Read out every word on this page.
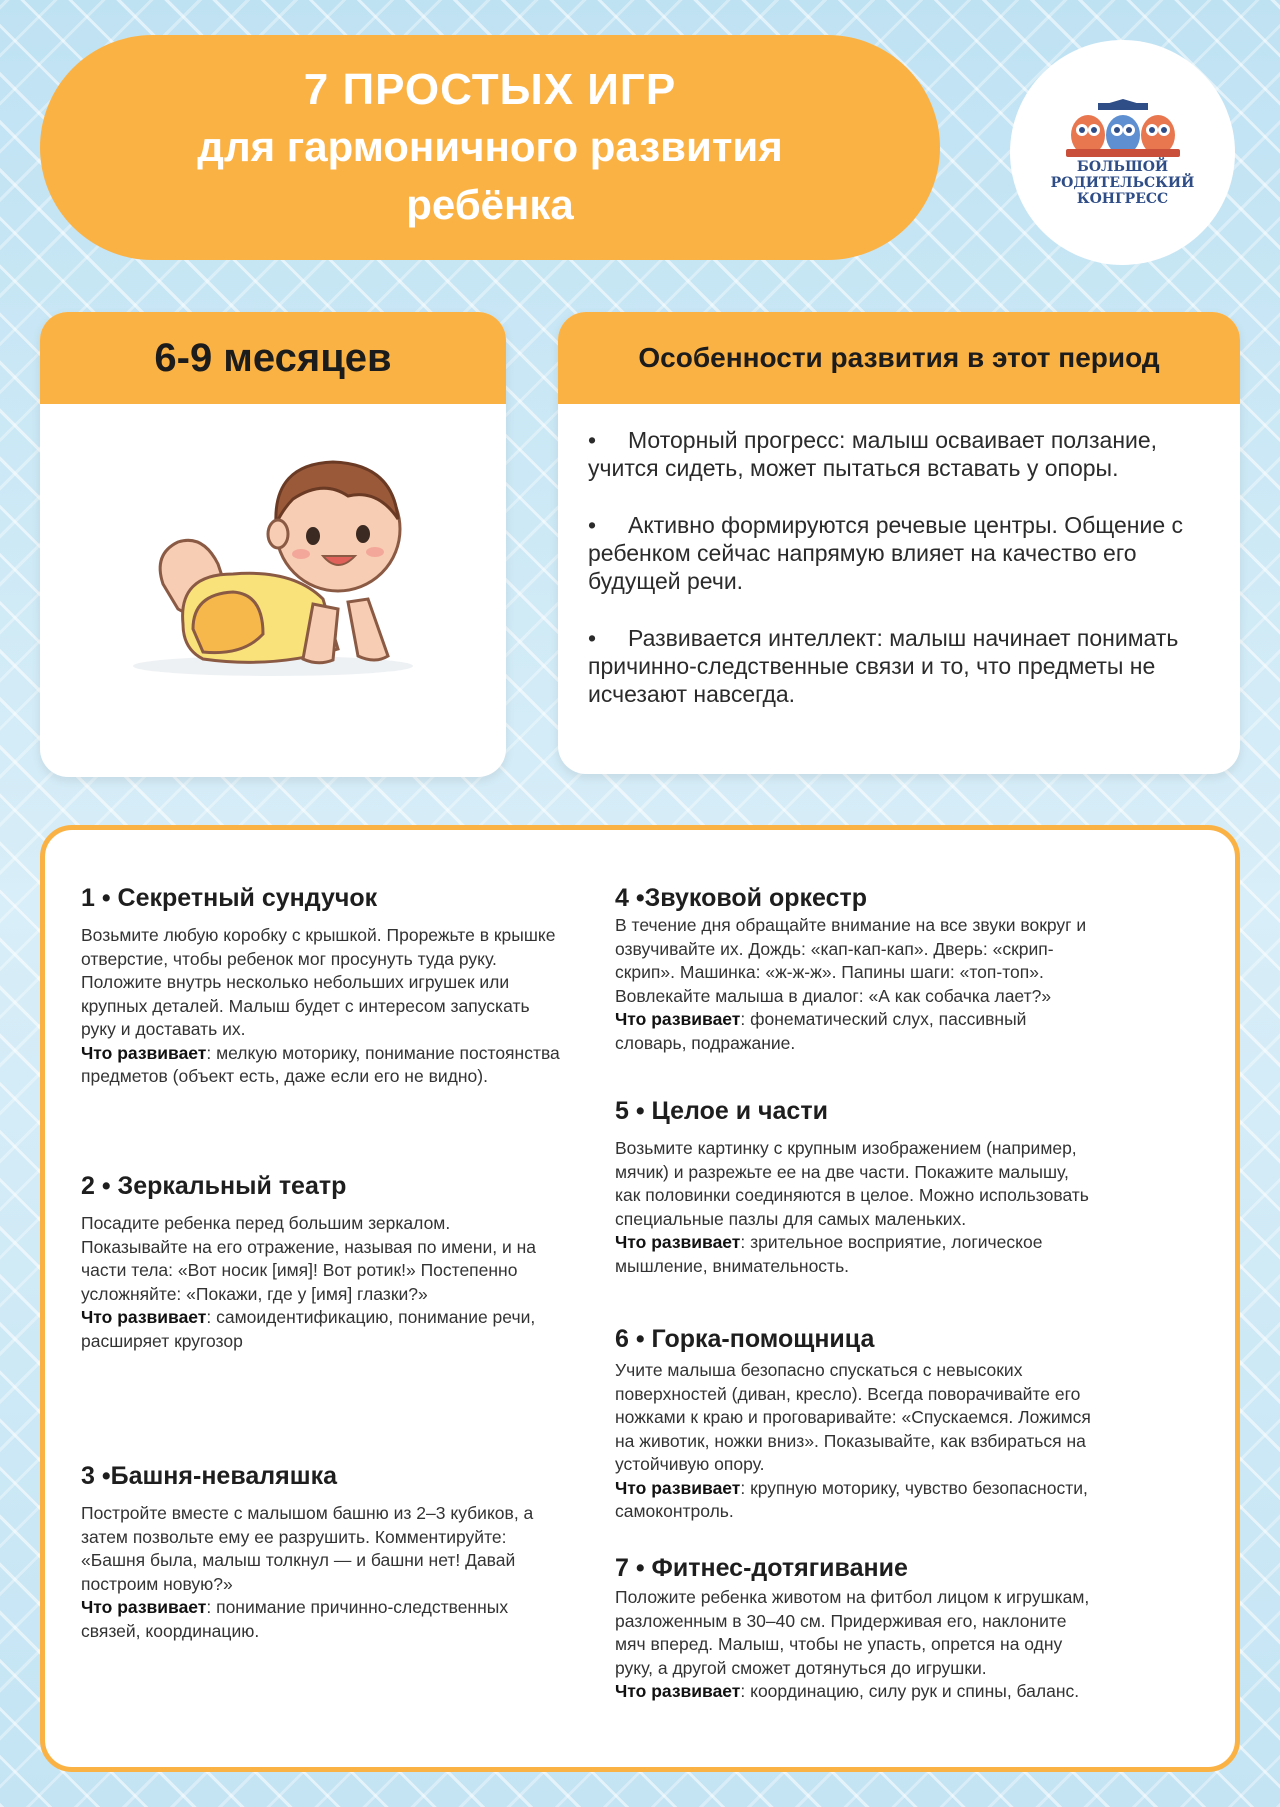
7 ПРОСТЫХ ИГР
для гармоничного развития
ребёнка
БОЛЬШОЙ
РОДИТЕЛЬСКИЙ
КОНГРЕСС
6-9 месяцев	Особенности развития в этот период
• Моторный прогресс: малыш осваивает ползание, учится сидеть, может пытаться вставать у опоры.
• Активно формируются речевые центры. Общение с ребенком сейчас напрямую влияет на качество его будущей речи.
• Развивается интеллект: малыш начинает понимать причинно-следственные связи и то, что предметы не исчезают навсегда.
1 • Секретный сундучок
Возьмите любую коробку с крышкой. Прорежьте в крышке отверстие, чтобы ребенок мог просунуть туда руку. Положите внутрь несколько небольших игрушек или крупных деталей. Малыш будет с интересом запускать руку и доставать их.
Что развивает: мелкую моторику, понимание постоянства предметов (объект есть, даже если его не видно).
2 • Зеркальный театр
Посадите ребенка перед большим зеркалом. Показывайте на его отражение, называя по имени, и на части тела: «Вот носик [имя]! Вот ротик!» Постепенно усложняйте: «Покажи, где у [имя] глазки?»
Что развивает: самоидентификацию, понимание речи, расширяет кругозор
3 •Башня-неваляшка
Постройте вместе с малышом башню из 2–3 кубиков, а затем позвольте ему ее разрушить. Комментируйте: «Башня была, малыш толкнул — и башни нет! Давай построим новую?»
Что развивает: понимание причинно-следственных связей, координацию.
4 •Звуковой оркестр
В течение дня обращайте внимание на все звуки вокруг и озвучивайте их. Дождь: «кап-кап-кап». Дверь: «скрип-скрип». Машинка: «ж-ж-ж». Папины шаги: «топ-топ». Вовлекайте малыша в диалог: «А как собачка лает?»
Что развивает: фонематический слух, пассивный словарь, подражание.
5 • Целое и части
Возьмите картинку с крупным изображением (например, мячик) и разрежьте ее на две части. Покажите малышу, как половинки соединяются в целое. Можно использовать специальные пазлы для самых маленьких.
Что развивает: зрительное восприятие, логическое мышление, внимательность.
6 • Горка-помощница
Учите малыша безопасно спускаться с невысоких поверхностей (диван, кресло). Всегда поворачивайте его ножками к краю и проговаривайте: «Спускаемся. Ложимся на животик, ножки вниз». Показывайте, как взбираться на устойчивую опору.
Что развивает: крупную моторику, чувство безопасности, самоконтроль.
7 • Фитнес-дотягивание
Положите ребенка животом на фитбол лицом к игрушкам, разложенным в 30–40 см. Придерживая его, наклоните мяч вперед. Малыш, чтобы не упасть, опрется на одну руку, а другой сможет дотянуться до игрушки.
Что развивает: координацию, силу рук и спины, баланс.
